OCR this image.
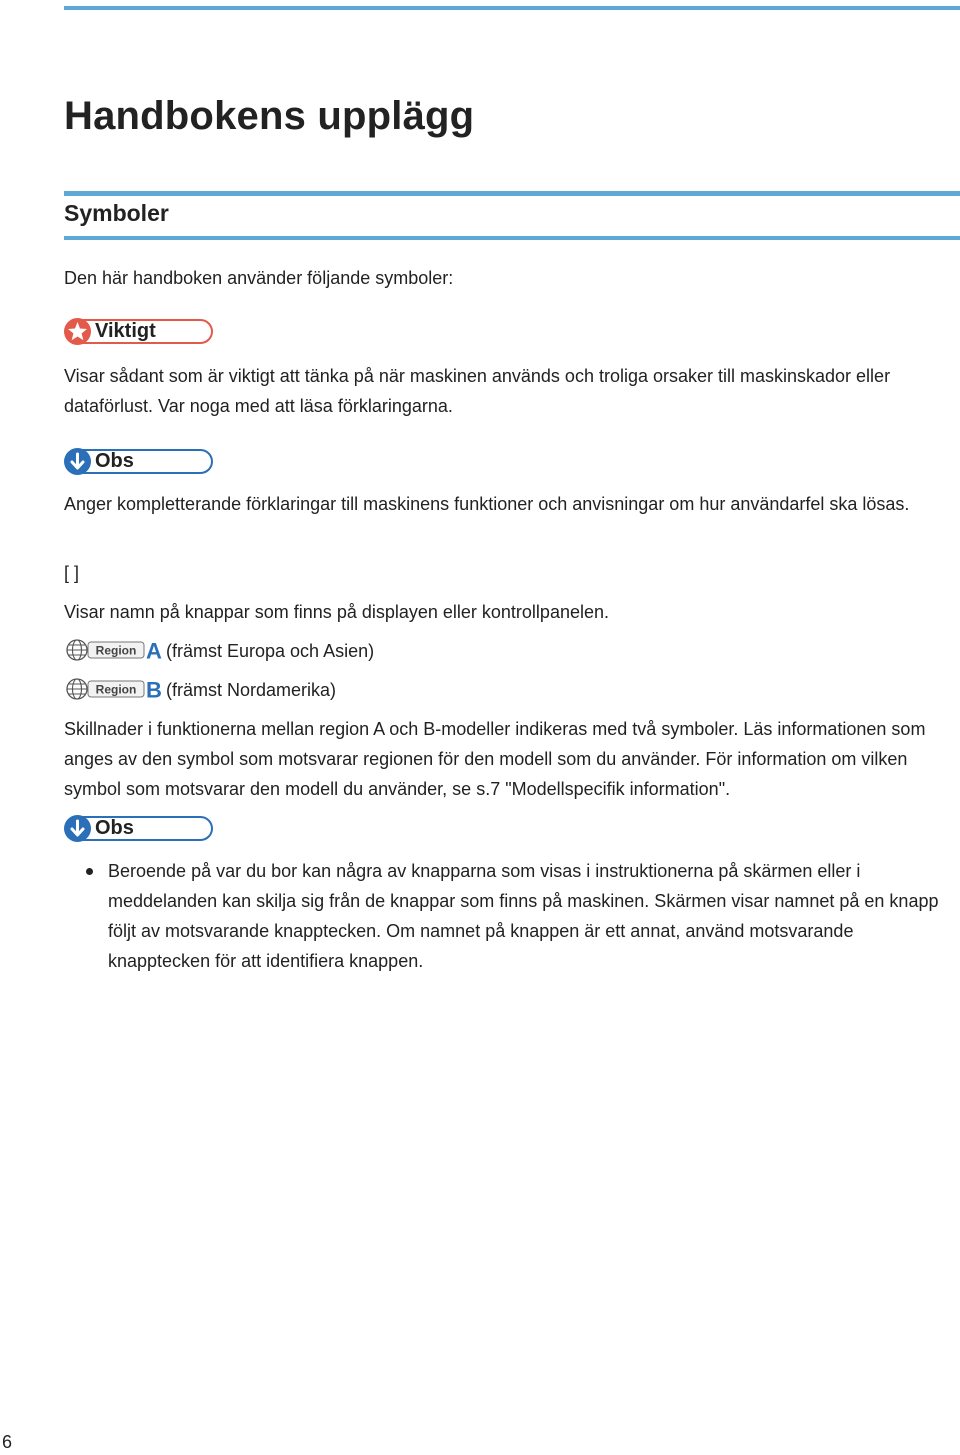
Handbokens upplägg
Symboler

Den här handboken använder följande symboler:

Viktigt

Visar sådant som är viktigt att tänka på när maskinen används och troliga orsaker till maskinskador eller dataförlust. Var noga med att läsa förklaringarna.

Obs

Anger kompletterande förklaringar till maskinens funktioner och anvisningar om hur användarfel ska lösas.

[ ]

Visar namn på knappar som finns på displayen eller kontrollpanelen.

Region A (främst Europa och Asien)
Region B (främst Nordamerika)

Skillnader i funktionerna mellan region A och B-modeller indikeras med två symboler. Läs informationen som anges av den symbol som motsvarar regionen för den modell som du använder. För information om vilken symbol som motsvarar den modell du använder, se s.7 "Modellspecifik information".

Obs
Beroende på var du bor kan några av knapparna som visas i instruktionerna på skärmen eller i meddelanden kan skilja sig från de knappar som finns på maskinen. Skärmen visar namnet på en knapp följt av motsvarande knapptecken. Om namnet på knappen är ett annat, använd motsvarande knapptecken för att identifiera knappen.
6
